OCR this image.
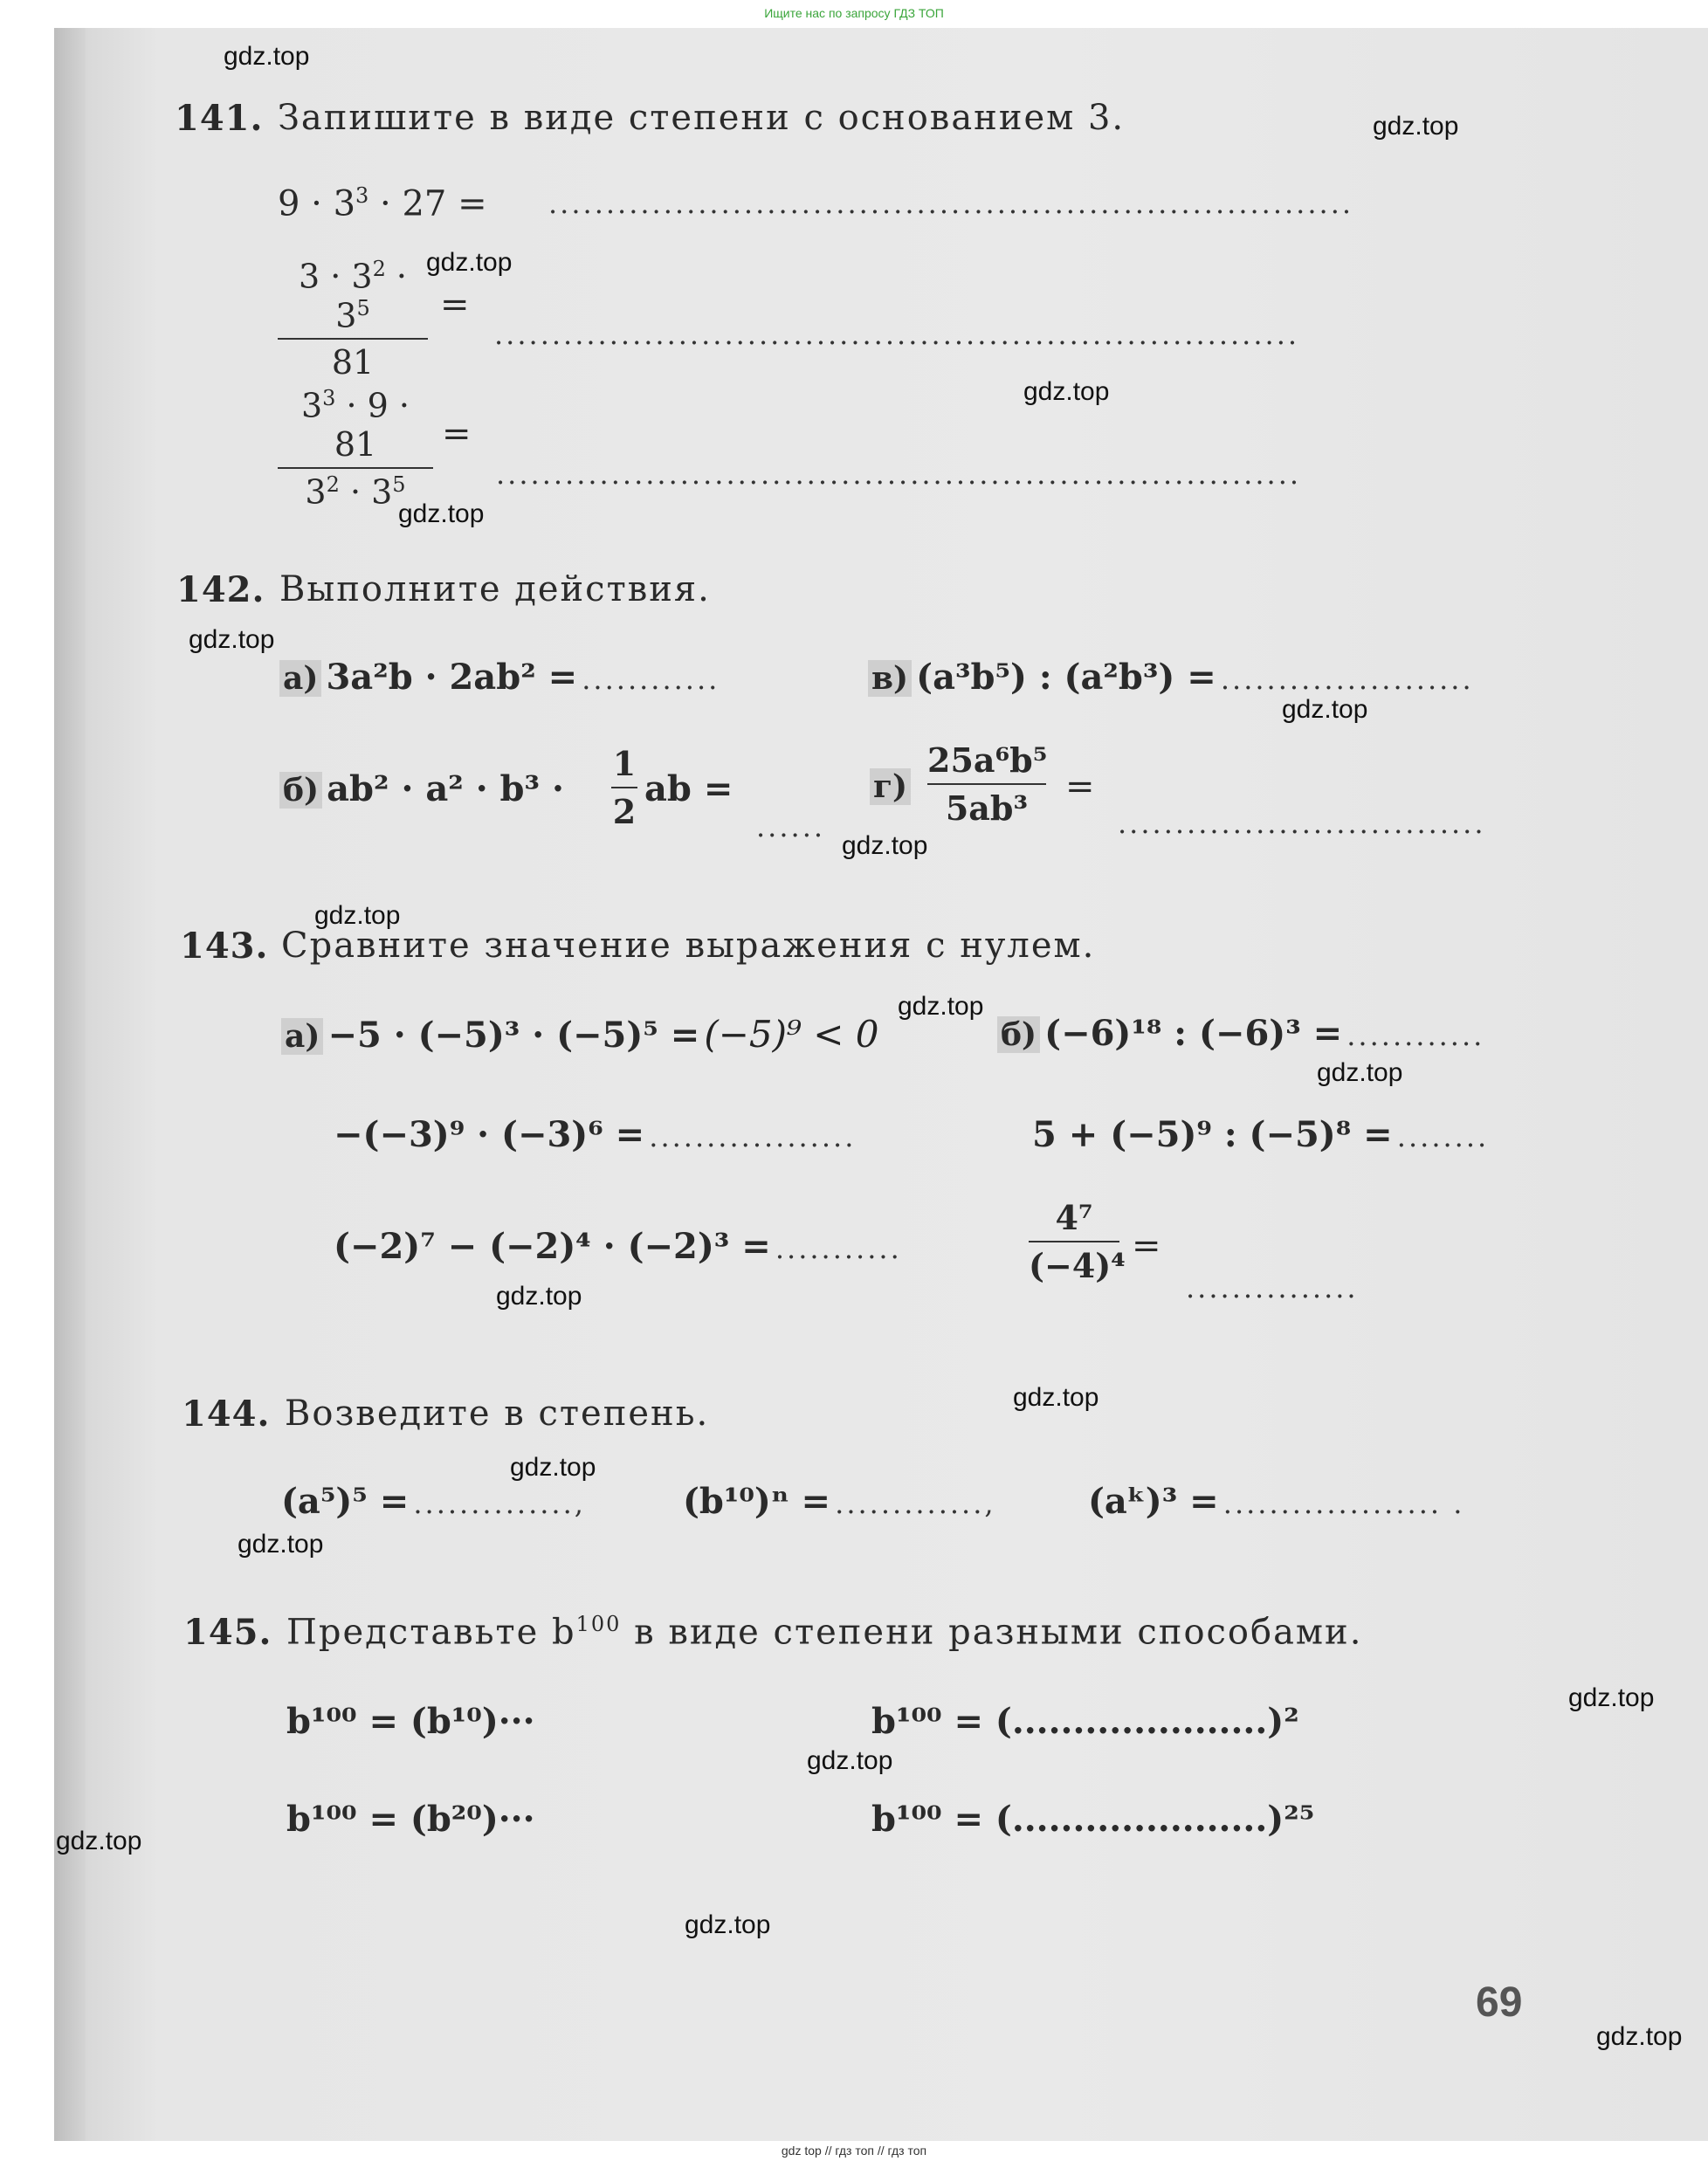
Ищите нас по запросу ГДЗ ТОП
141. Запишите в виде степени с основанием 3.
$9 \cdot 3^3 \cdot 27$ = ......................................................................
$3 \cdot 3^2 \cdot 3^5$
81
=
......................................................................
$3^3 \cdot 9 \cdot 81$
$3^2 \cdot 3^5$
=
......................................................................
142. Выполните действия.
а) 3a²b · 2ab² = ............	в) (a³b⁵) : (a²b³) = ......................
б) ab² · a² · b³ ·
1
2
ab =
......
г)
25a⁶b⁵
5ab³
=
................................
143. Сравните значение выражения с нулем.
а) −5 · (−5)³ · (−5)⁵ = (−5)⁹ < 0	б) (−6)¹⁸ : (−6)³ = ............
−(−3)⁹ · (−3)⁶ = ..................	5 + (−5)⁹ : (−5)⁸ = ........
(−2)⁷ − (−2)⁴ · (−2)³ = ...........
4⁷
(−4)⁴ =
...............
144. Возведите в степень.
(a⁵)⁵ = ..............,	(b¹⁰)ⁿ = .............,	(aᵏ)³ = ................... .
145. Представьте $b^{100}$ в виде степени разными способами.
b¹⁰⁰ = (b¹⁰)···	b¹⁰⁰ = (.....................)²
b¹⁰⁰ = (b²⁰)···	b¹⁰⁰ = (.....................)²⁵
69
gdz.top
gdz.top
gdz.top
gdz.top
gdz.top
gdz.top
gdz.top
gdz.top
gdz.top
gdz.top
gdz.top
gdz.top
gdz.top
gdz.top
gdz.top
gdz.top
gdz.top
gdz.top
gdz.top
gdz.top
gdz top // гдз топ // гдз топ
